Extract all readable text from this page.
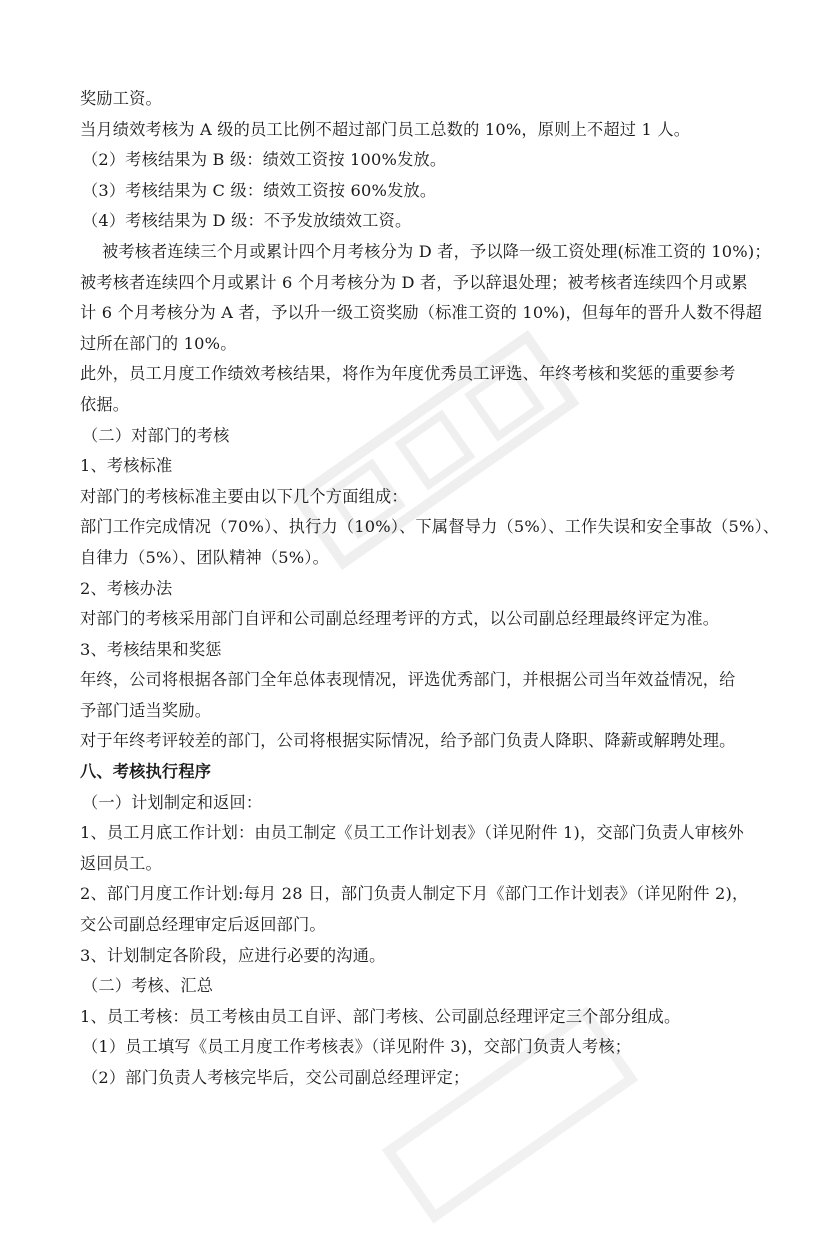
奖励工资。
当月绩效考核为 A 级的员工比例不超过部门员工总数的 10%，原则上不超过 1 人。
（2）考核结果为 B 级：绩效工资按 100%发放。
（3）考核结果为 C 级：绩效工资按 60%发放。
（4）考核结果为 D 级：不予发放绩效工资。
被考核者连续三个月或累计四个月考核分为 D 者，予以降一级工资处理(标准工资的 10%)；
被考核者连续四个月或累计 6 个月考核分为 D 者，予以辞退处理；被考核者连续四个月或累
计 6 个月考核分为 A 者，予以升一级工资奖励（标准工资的 10%)，但每年的晋升人数不得超
过所在部门的 10%。
此外，员工月度工作绩效考核结果，将作为年度优秀员工评选、年终考核和奖惩的重要参考
依据。
（二）对部门的考核
1、考核标准
对部门的考核标准主要由以下几个方面组成：
部门工作完成情况（70%）、执行力（10%）、下属督导力（5%）、工作失误和安全事故（5%）、
自律力（5%）、团队精神（5%）。
2、考核办法
对部门的考核采用部门自评和公司副总经理考评的方式，以公司副总经理最终评定为准。
3、考核结果和奖惩
年终，公司将根据各部门全年总体表现情况，评选优秀部门，并根据公司当年效益情况，给
予部门适当奖励。
对于年终考评较差的部门，公司将根据实际情况，给予部门负责人降职、降薪或解聘处理。
八、考核执行程序
（一）计划制定和返回：
1、员工月底工作计划：由员工制定《员工工作计划表》（详见附件 1)，交部门负责人审核外
返回员工。
2、部门月度工作计划:每月 28 日，部门负责人制定下月《部门工作计划表》（详见附件 2)，
交公司副总经理审定后返回部门。
3、计划制定各阶段，应进行必要的沟通。
（二）考核、汇总
1、员工考核：员工考核由员工自评、部门考核、公司副总经理评定三个部分组成。
（1）员工填写《员工月度工作考核表》（详见附件 3)，交部门负责人考核；
（2）部门负责人考核完毕后，交公司副总经理评定；
